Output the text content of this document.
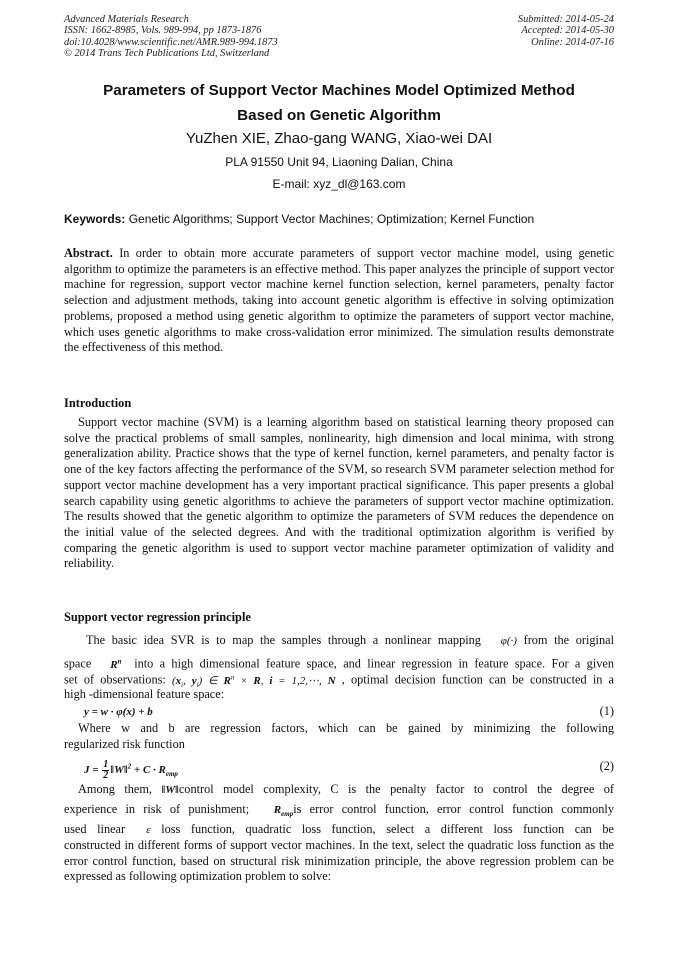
Advanced Materials Research
ISSN: 1662-8985, Vols. 989-994, pp 1873-1876
doi:10.4028/www.scientific.net/AMR.989-994.1873
© 2014 Trans Tech Publications Ltd, Switzerland
Submitted: 2014-05-24
Accepted: 2014-05-30
Online: 2014-07-16
Parameters of Support Vector Machines Model Optimized Method
Based on Genetic Algorithm
YuZhen XIE, Zhao-gang WANG, Xiao-wei DAI
PLA 91550 Unit 94, Liaoning Dalian, China
E-mail: xyz_dl@163.com
Keywords: Genetic Algorithms; Support Vector Machines; Optimization; Kernel Function
Abstract. In order to obtain more accurate parameters of support vector machine model, using genetic algorithm to optimize the parameters is an effective method. This paper analyzes the principle of support vector machine for regression, support vector machine kernel function selection, kernel parameters, penalty factor selection and adjustment methods, taking into account genetic algorithm is effective in solving optimization problems, proposed a method using genetic algorithm to optimize the parameters of support vector machine, which uses genetic algorithms to make cross-validation error minimized. The simulation results demonstrate the effectiveness of this method.
Introduction
Support vector machine (SVM) is a learning algorithm based on statistical learning theory proposed can solve the practical problems of small samples, nonlinearity, high dimension and local minima, with strong generalization ability. Practice shows that the type of kernel function, kernel parameters, and penalty factor is one of the key factors affecting the performance of the SVM, so research SVM parameter selection method for support vector machine development has a very important practical significance. This paper presents a global search capability using genetic algorithms to achieve the parameters of support vector machine optimization. The results showed that the genetic algorithm to optimize the parameters of SVM reduces the dependence on the initial value of the selected degrees. And with the traditional optimization algorithm is verified by comparing the genetic algorithm is used to support vector machine parameter optimization of validity and reliability.
Support vector regression principle
The basic idea SVR is to map the samples through a nonlinear mapping φ(·) from the original
space $R^n$ into a high dimensional feature space, and linear regression in feature space. For a given
set of observations: ($x_i$, $y_i$) ∈ $R^n \times R$, i = 1,2,⋯, N , optimal decision function can be constructed in a
high -dimensional feature space:
y = w · φ(x) + b	(1)
Where w and b are regression factors, which can be gained by minimizing the following
regularized risk function
$J = \frac{1}{2}$ ‖W‖$^2$ + $C \cdot R_{emp}$
(2)
Among them, ‖W‖control model complexity, C is the penalty factor to control the degree of
experience in risk of punishment; $R_{emp}is$ error control function, error control function commonly
used linear ε loss function, quadratic loss function, select a different loss function can be
constructed in different forms of support vector machines. In the text, select the quadratic loss function as the error control function, based on structural risk minimization principle, the above regression problem can be expressed as following optimization problem to solve:
